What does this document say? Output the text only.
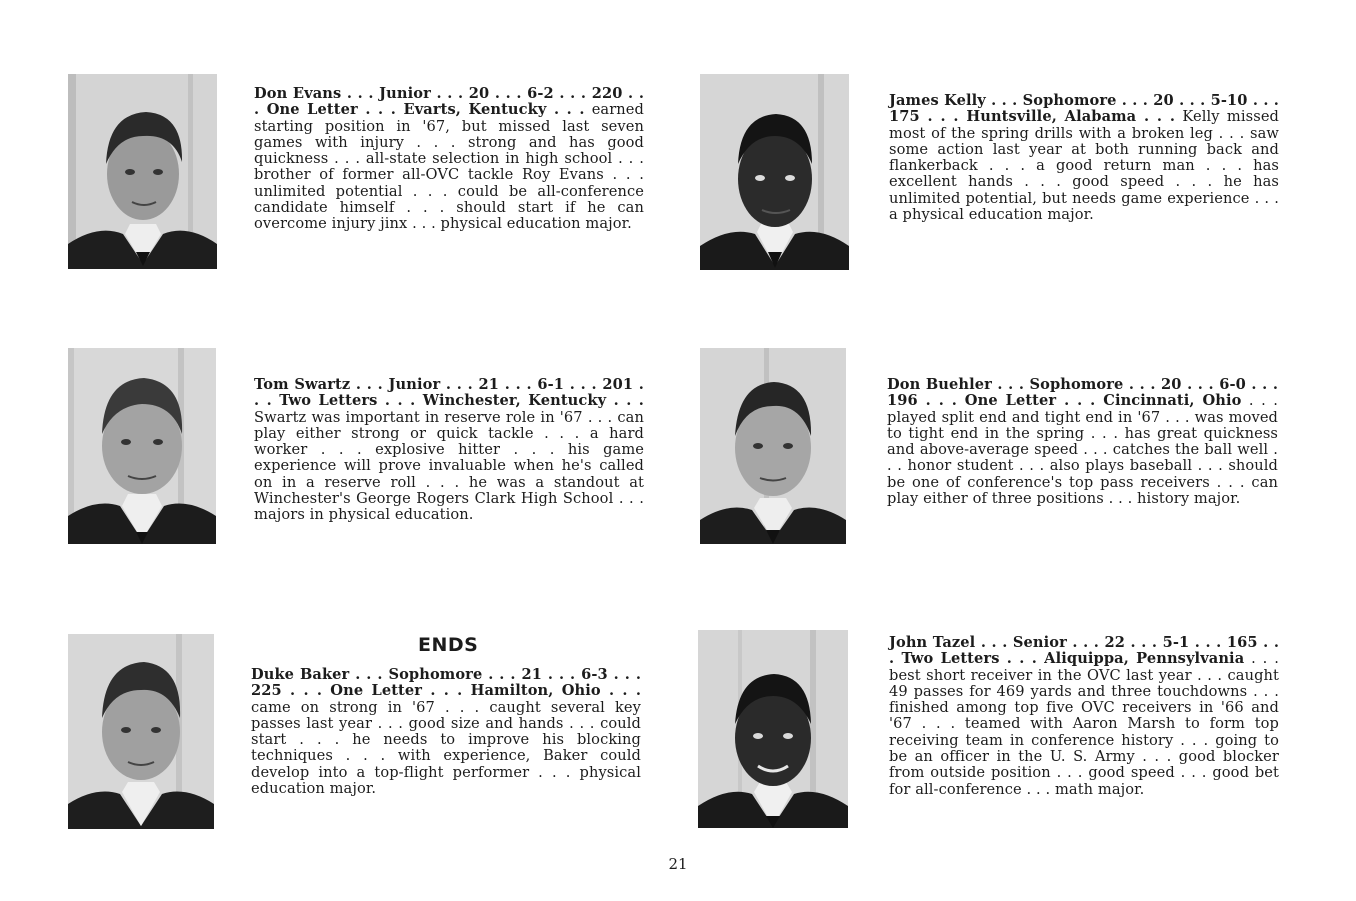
Don Evans . . . Junior . . . 20 . . . 6-2 . . . 220 . . . One Letter . . . Evarts, Kentucky . . . earned starting position in '67, but missed last seven games with injury . . . strong and has good quickness . . . all-state selection in high school . . . brother of former all-OVC tackle Roy Evans . . . unlimited potential . . . could be all-conference candidate himself . . . should start if he can overcome injury jinx . . . physical education major.
James Kelly . . . Sophomore . . . 20 . . . 5-10 . . . 175 . . . Huntsville, Alabama . . . Kelly missed most of the spring drills with a broken leg . . . saw some action last year at both running back and flankerback . . . a good return man . . . has excellent hands . . . good speed . . . he has unlimited potential, but needs game experience . . . a physical education major.
Tom Swartz . . . Junior . . . 21 . . . 6-1 . . . 201 . . . Two Letters . . . Winchester, Kentucky . . . Swartz was important in reserve role in '67 . . . can play either strong or quick tackle . . . a hard worker . . . explosive hitter . . . his game experience will prove invaluable when he's called on in a reserve roll . . . he was a standout at Winchester's George Rogers Clark High School . . . majors in physical education.
Don Buehler . . . Sophomore . . . 20 . . . 6-0 . . . 196 . . . One Letter . . . Cincinnati, Ohio . . . played split end and tight end in '67 . . . was moved to tight end in the spring . . . has great quickness and above-average speed . . . catches the ball well . . . honor student . . . also plays baseball . . . should be one of conference's top pass receivers . . . can play either of three positions . . . history major.
ENDS
Duke Baker . . . Sophomore . . . 21 . . . 6-3 . . . 225 . . . One Letter . . . Hamilton, Ohio . . . came on strong in '67 . . . caught several key passes last year . . . good size and hands . . . could start . . . he needs to improve his blocking techniques . . . with experience, Baker could develop into a top-flight performer . . . physical education major.
John Tazel . . . Senior . . . 22 . . . 5-1 . . . 165 . . . Two Letters . . . Aliquippa, Pennsylvania . . . best short receiver in the OVC last year . . . caught 49 passes for 469 yards and three touchdowns . . . finished among top five OVC receivers in '66 and '67 . . . teamed with Aaron Marsh to form top receiving team in conference history . . . going to be an officer in the U. S. Army . . . good blocker from outside position . . . good speed . . . good bet for all-conference . . . math major.
21
